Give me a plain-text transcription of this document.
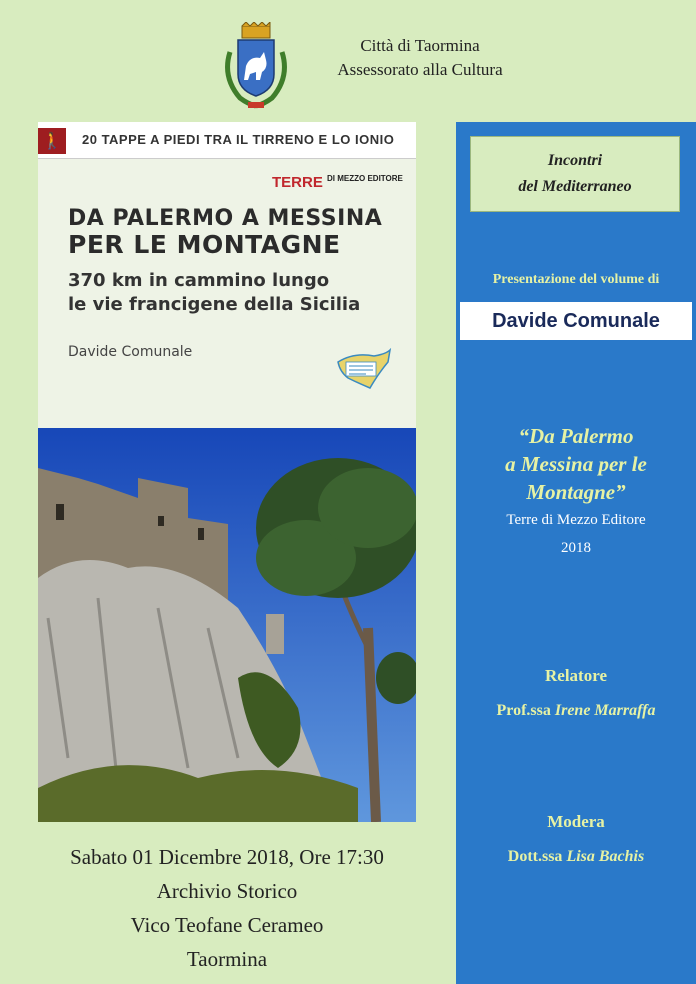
Città di Taormina
Assessorato alla Cultura
🚶	20 TAPPE A PIEDI TRA IL TIRRENO E LO IONIO
TERRE $^{DI MEZZO EDITORE}$
DA PALERMO A MESSINA
PER LE MONTAGNE
370 km in cammino lungo
le vie francigene della Sicilia
Davide Comunale
Incontri
del Mediterraneo
Presentazione del volume di
Davide Comunale
“Da Palermo
a Messina per le
Montagne”
Terre di Mezzo Editore
2018
Relatore
Prof.ssa Irene Marraffa
Modera
Dott.ssa Lisa Bachis
Sabato 01 Dicembre 2018, Ore 17:30
Archivio Storico
Vico Teofane Cerameo
Taormina
